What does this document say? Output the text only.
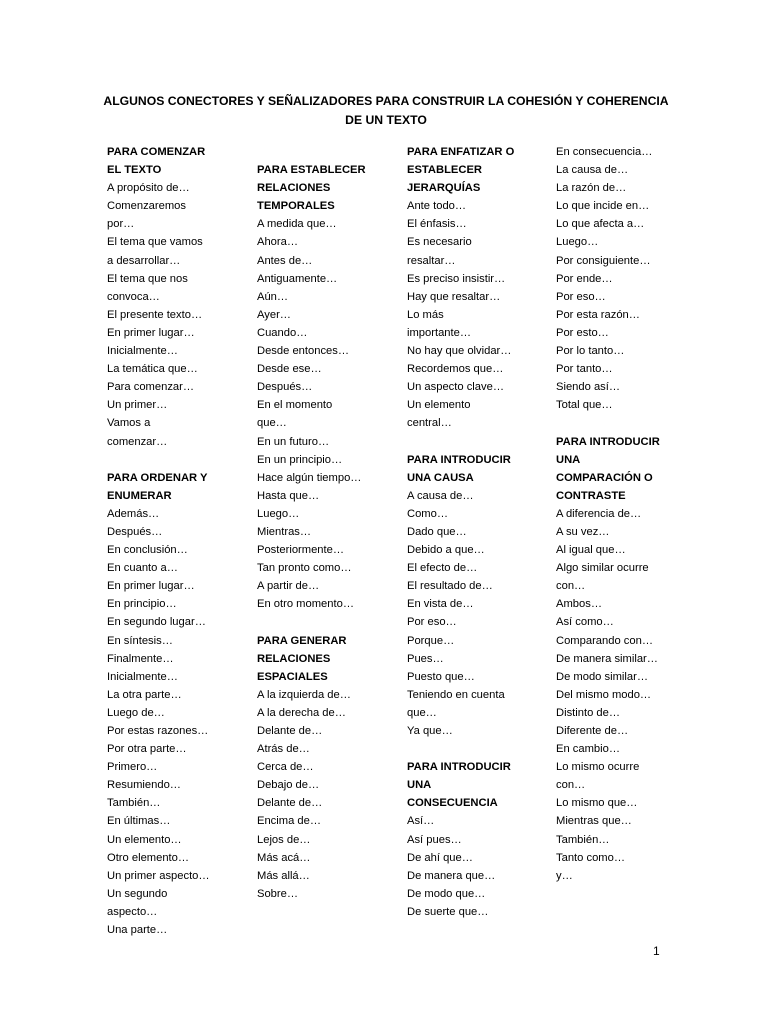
ALGUNOS CONECTORES Y SEÑALIZADORES PARA CONSTRUIR LA COHESIÓN Y COHERENCIA DE UN TEXTO
PARA COMENZAR
EL TEXTO
A propósito de…
Comenzaremos
por…
El tema que vamos
a desarrollar…
El tema que nos
convoca…
El presente texto…
En primer lugar…
Inicialmente…
La temática que…
Para comenzar…
Un primer…
Vamos a
comenzar…
PARA ORDENAR Y
ENUMERAR
Además…
Después…
En conclusión…
En cuanto a…
En primer lugar…
En principio…
En segundo lugar…
En síntesis…
Finalmente…
Inicialmente…
La otra parte…
Luego de…
Por estas razones…
Por otra parte…
Primero…
Resumiendo…
También…
En últimas…
Un elemento…
Otro elemento…
Un primer aspecto…
Un segundo
aspecto…
Una parte…
PARA ESTABLECER
RELACIONES
TEMPORALES
A medida que…
Ahora…
Antes de…
Antiguamente…
Aún…
Ayer…
Cuando…
Desde entonces…
Desde ese…
Después…
En el momento
que…
En un futuro…
En un principio…
Hace algún tiempo…
Hasta que…
Luego…
Mientras…
Posteriormente…
Tan pronto como…
A partir de…
En otro momento…
PARA GENERAR
RELACIONES
ESPACIALES
A la izquierda de…
A la derecha de…
Delante de…
Atrás de…
Cerca de…
Debajo de…
Delante de…
Encima de…
Lejos de…
Más acá…
Más allá…
Sobre…
PARA ENFATIZAR O
ESTABLECER
JERARQUÍAS
Ante todo…
El énfasis…
Es necesario
resaltar…
Es preciso insistir…
Hay que resaltar…
Lo más
importante…
No hay que olvidar…
Recordemos que…
Un aspecto clave…
Un elemento
central…
PARA INTRODUCIR
UNA CAUSA
A causa de…
Como…
Dado que…
Debido a que…
El efecto de…
El resultado de…
En vista de…
Por eso…
Porque…
Pues…
Puesto que…
Teniendo en cuenta
que…
Ya que…
PARA INTRODUCIR
UNA
CONSECUENCIA
Así…
Así pues…
De ahí que…
De manera que…
De modo que…
De suerte que…
En consecuencia…
La causa de…
La razón de…
Lo que incide en…
Lo que afecta a…
Luego…
Por consiguiente…
Por ende…
Por eso…
Por esta razón…
Por esto…
Por lo tanto…
Por tanto…
Siendo así…
Total que…
PARA INTRODUCIR
UNA
COMPARACIÓN O
CONTRASTE
A diferencia de…
A su vez…
Al igual que…
Algo similar ocurre
con…
Ambos…
Así como…
Comparando con…
De manera similar…
De modo similar…
Del mismo modo…
Distinto de…
Diferente de…
En cambio…
Lo mismo ocurre
con…
Lo mismo que…
Mientras que…
También…
Tanto como…
y…
1
